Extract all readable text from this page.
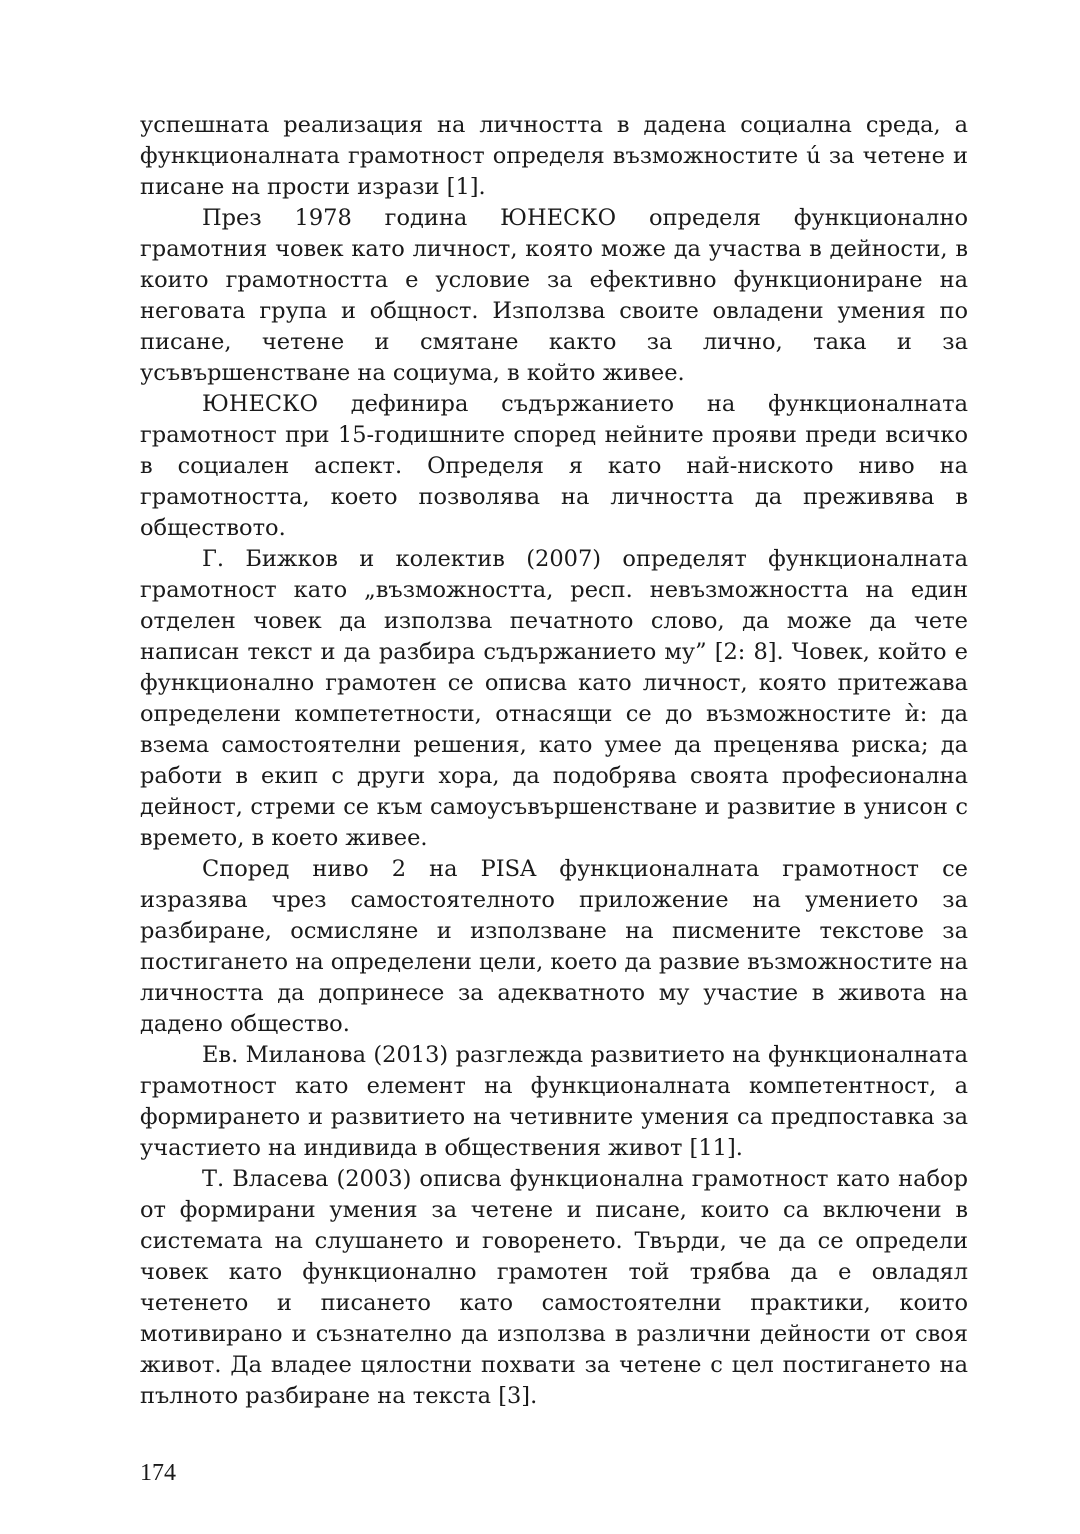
успешната реализация на личността в дадена социална среда, а функционалната грамотност определя възможностите ú за четене и писане на прости изрази [1].

През 1978 година ЮНЕСКО определя функционално грамотния човек като личност, която може да участва в дейности, в които грамотността е условие за ефективно функциониране на неговата група и общност. Използва своите овладени умения по писане, четене и смятане както за лично, така и за усъвършенстване на социума, в който живее.

ЮНЕСКО дефинира съдържанието на функционалната грамотност при 15-годишните според нейните прояви преди всичко в социален аспект. Определя я като най-ниското ниво на грамотността, което позволява на личността да преживява в обществото.

Г. Бижков и колектив (2007) определят функционалната грамотност като „възможността, респ. невъзможността на един отделен човек да използва печатното слово, да може да чете написан текст и да разбира съдържанието му” [2: 8]. Човек, който е функционално грамотен се описва като личност, която притежава определени компететности, отнасящи се до възможностите ѝ: да взема самостоятелни решения, като умее да преценява риска; да работи в екип с други хора, да подобрява своята професионална дейност, стреми се към самоусъвършенстване и развитие в унисон с времето, в което живее.

Според ниво 2 на PISA функционалната грамотност се изразява чрез самостоятелното приложение на умението за разбиране, осмисляне и използване на писмените текстове за постигането на определени цели, което да развие възможностите на личността да допринесе за адекватното му участие в живота на дадено общество.

Ев. Миланова (2013) разглежда развитието на функционалната грамотност като елемент на функционалната компетентност, а формирането и развитието на четивните умения са предпоставка за участието на индивида в обществения живот [11].

Т. Власева (2003) описва функционална грамотност като набор от формирани умения за четене и писане, които са включени в системата на слушането и говоренето. Твърди, че да се определи човек като функционално грамотен той трябва да е овладял четенето и писането като самостоятелни практики, които мотивирано и съзнателно да използва в различни дейности от своя живот. Да владее цялостни похвати за четене с цел постигането на пълното разбиране на текста [3].

174
